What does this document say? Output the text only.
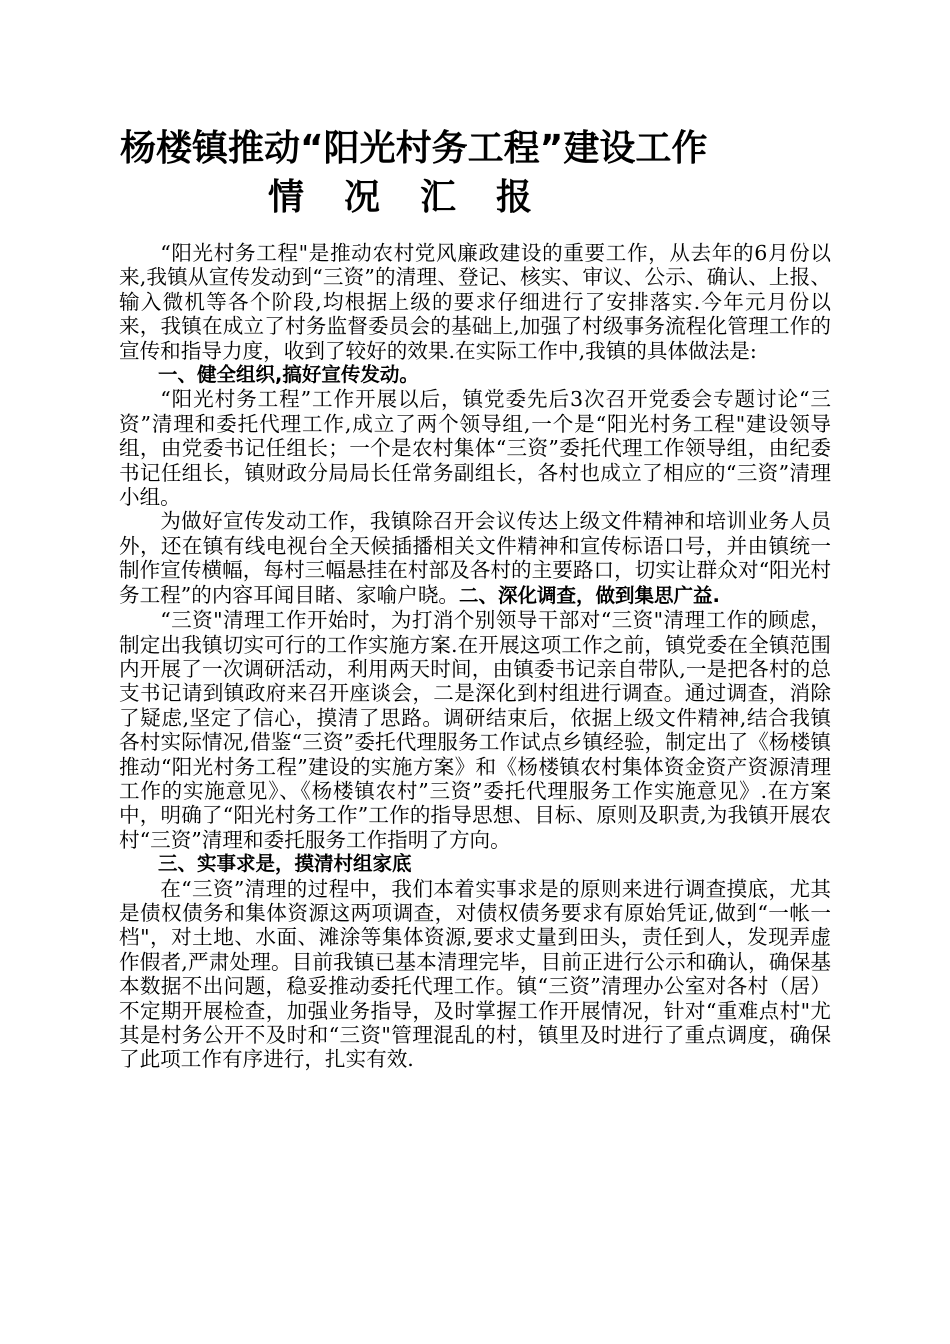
杨楼镇推动“阳光村务工程”建设工作
情况汇报

“阳光村务工程"是推动农村党风廉政建设的重要工作，从去年的6月份以来,我镇从宣传发动到“三资”的清理、登记、核实、审议、公示、确认、上报、输入微机等各个阶段,均根据上级的要求仔细进行了安排落实.今年元月份以来，我镇在成立了村务监督委员会的基础上,加强了村级事务流程化管理工作的宣传和指导力度，收到了较好的效果.在实际工作中,我镇的具体做法是:

一、健全组织,搞好宣传发动。

“阳光村务工程”工作开展以后，镇党委先后3次召开党委会专题讨论“三资”清理和委托代理工作,成立了两个领导组,一个是“阳光村务工程"建设领导组，由党委书记任组长；一个是农村集体“三资”委托代理工作领导组，由纪委书记任组长，镇财政分局局长任常务副组长，各村也成立了相应的“三资”清理小组。

为做好宣传发动工作，我镇除召开会议传达上级文件精神和培训业务人员外，还在镇有线电视台全天候插播相关文件精神和宣传标语口号，并由镇统一制作宣传横幅，每村三幅悬挂在村部及各村的主要路口，切实让群众对“阳光村务工程”的内容耳闻目睹、家喻户晓。二、深化调查，做到集思广益.

“三资"清理工作开始时，为打消个别领导干部对“三资"清理工作的顾虑，制定出我镇切实可行的工作实施方案.在开展这项工作之前，镇党委在全镇范围内开展了一次调研活动，利用两天时间，由镇委书记亲自带队,一是把各村的总支书记请到镇政府来召开座谈会，二是深化到村组进行调查。通过调查，消除了疑虑,坚定了信心，摸清了思路。调研结束后，依据上级文件精神,结合我镇各村实际情况,借鉴“三资”委托代理服务工作试点乡镇经验，制定出了《杨楼镇推动“阳光村务工程”建设的实施方案》和《杨楼镇农村集体资金资产资源清理工作的实施意见》、《杨楼镇农村”三资”委托代理服务工作实施意见》.在方案中，明确了“阳光村务工作”工作的指导思想、目标、原则及职责,为我镇开展农村“三资”清理和委托服务工作指明了方向。

三、实事求是，摸清村组家底

在“三资”清理的过程中，我们本着实事求是的原则来进行调查摸底，尤其是债权债务和集体资源这两项调查，对债权债务要求有原始凭证,做到“一帐一档"，对土地、水面、滩涂等集体资源,要求丈量到田头，责任到人，发现弄虚作假者,严肃处理。目前我镇已基本清理完毕，目前正进行公示和确认，确保基本数据不出问题，稳妥推动委托代理工作。镇“三资”清理办公室对各村（居）不定期开展检查，加强业务指导，及时掌握工作开展情况，针对“重难点村"尤其是村务公开不及时和“三资"管理混乱的村，镇里及时进行了重点调度，确保了此项工作有序进行，扎实有效.
